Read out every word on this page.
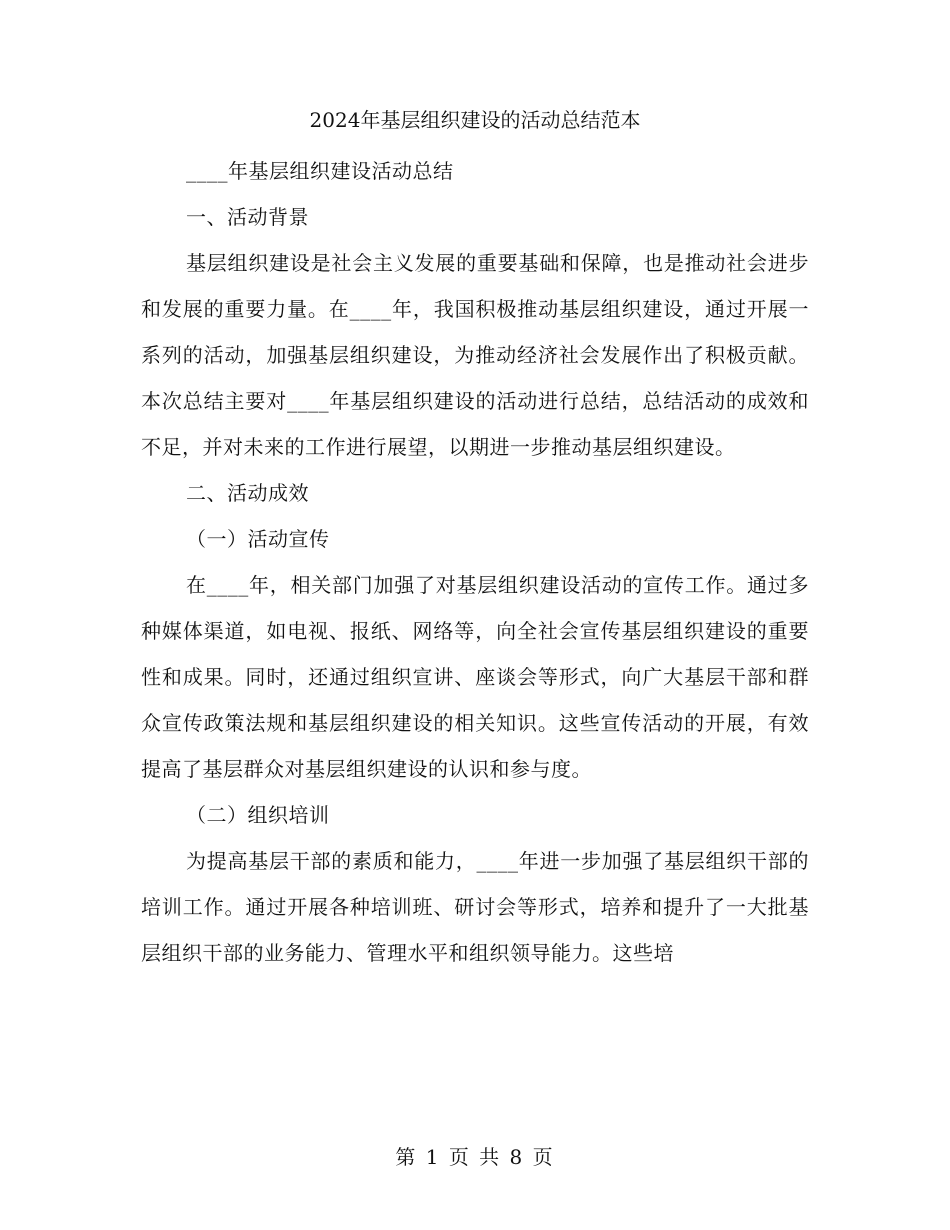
2024年基层组织建设的活动总结范本

____年基层组织建设活动总结

一、活动背景

基层组织建设是社会主义发展的重要基础和保障，也是推动社会进步和发展的重要力量。在____年，我国积极推动基层组织建设，通过开展一系列的活动，加强基层组织建设，为推动经济社会发展作出了积极贡献。本次总结主要对____年基层组织建设的活动进行总结，总结活动的成效和不足，并对未来的工作进行展望，以期进一步推动基层组织建设。

二、活动成效

（一）活动宣传

在____年，相关部门加强了对基层组织建设活动的宣传工作。通过多种媒体渠道，如电视、报纸、网络等，向全社会宣传基层组织建设的重要性和成果。同时，还通过组织宣讲、座谈会等形式，向广大基层干部和群众宣传政策法规和基层组织建设的相关知识。这些宣传活动的开展，有效提高了基层群众对基层组织建设的认识和参与度。

（二）组织培训

为提高基层干部的素质和能力，____年进一步加强了基层组织干部的培训工作。通过开展各种培训班、研讨会等形式，培养和提升了一大批基层组织干部的业务能力、管理水平和组织领导能力。这些培

第 1 页 共 8 页
